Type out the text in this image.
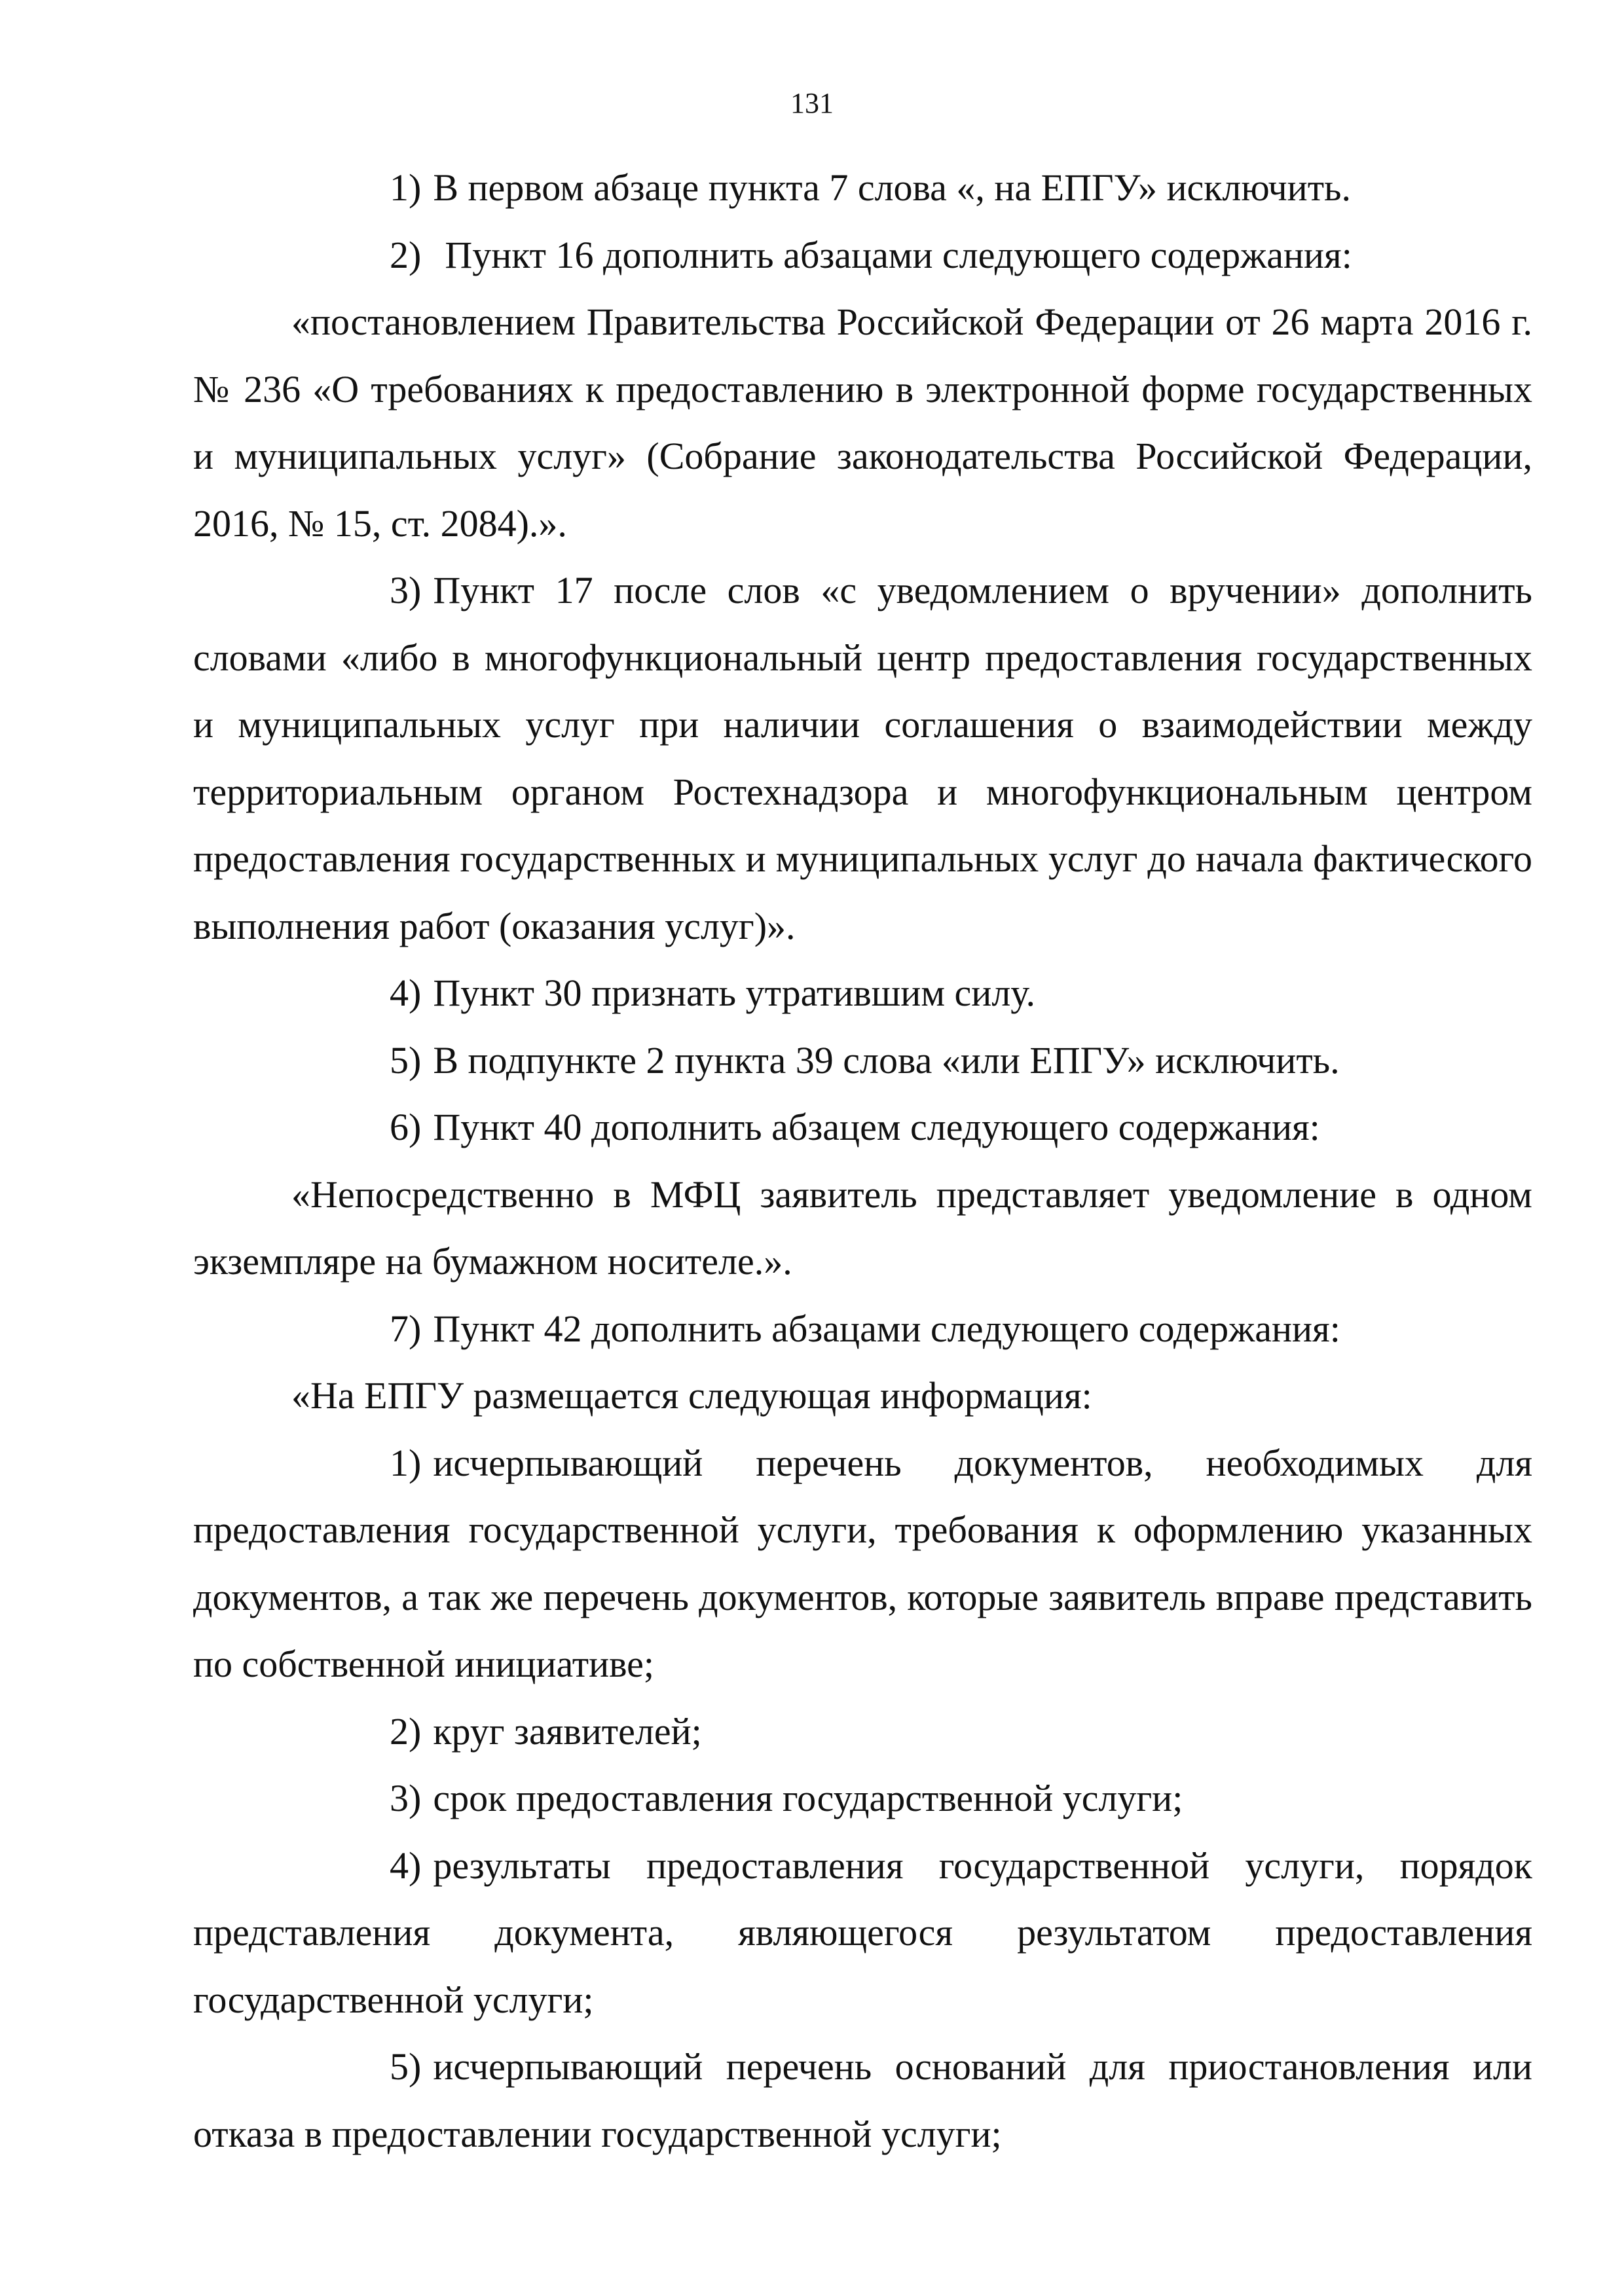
131

1) В первом абзаце пункта 7 слова «, на ЕПГУ» исключить.

2) Пункт 16 дополнить абзацами следующего содержания:

«постановлением Правительства Российской Федерации от 26 марта 2016 г. № 236 «О требованиях к предоставлению в электронной форме государственных и муниципальных услуг» (Собрание законодательства Российской Федерации, 2016, № 15, ст. 2084).».

3) Пункт 17 после слов «с уведомлением о вручении» дополнить словами «либо в многофункциональный центр предоставления государственных и муниципальных услуг при наличии соглашения о взаимодействии между территориальным органом Ростехнадзора и многофункциональным центром предоставления государственных и муниципальных услуг до начала фактического выполнения работ (оказания услуг)».

4) Пункт 30 признать утратившим силу.

5) В подпункте 2 пункта 39 слова «или ЕПГУ» исключить.

6) Пункт 40 дополнить абзацем следующего содержания:

«Непосредственно в МФЦ заявитель представляет уведомление в одном экземпляре на бумажном носителе.».

7) Пункт 42 дополнить абзацами следующего содержания:

«На ЕПГУ размещается следующая информация:

1) исчерпывающий перечень документов, необходимых для предоставления государственной услуги, требования к оформлению указанных документов, а так же перечень документов, которые заявитель вправе представить по собственной инициативе;

2) круг заявителей;

3) срок предоставления государственной услуги;

4) результаты предоставления государственной услуги, порядок представления документа, являющегося результатом предоставления государственной услуги;

5) исчерпывающий перечень оснований для приостановления или отказа в предоставлении государственной услуги;
